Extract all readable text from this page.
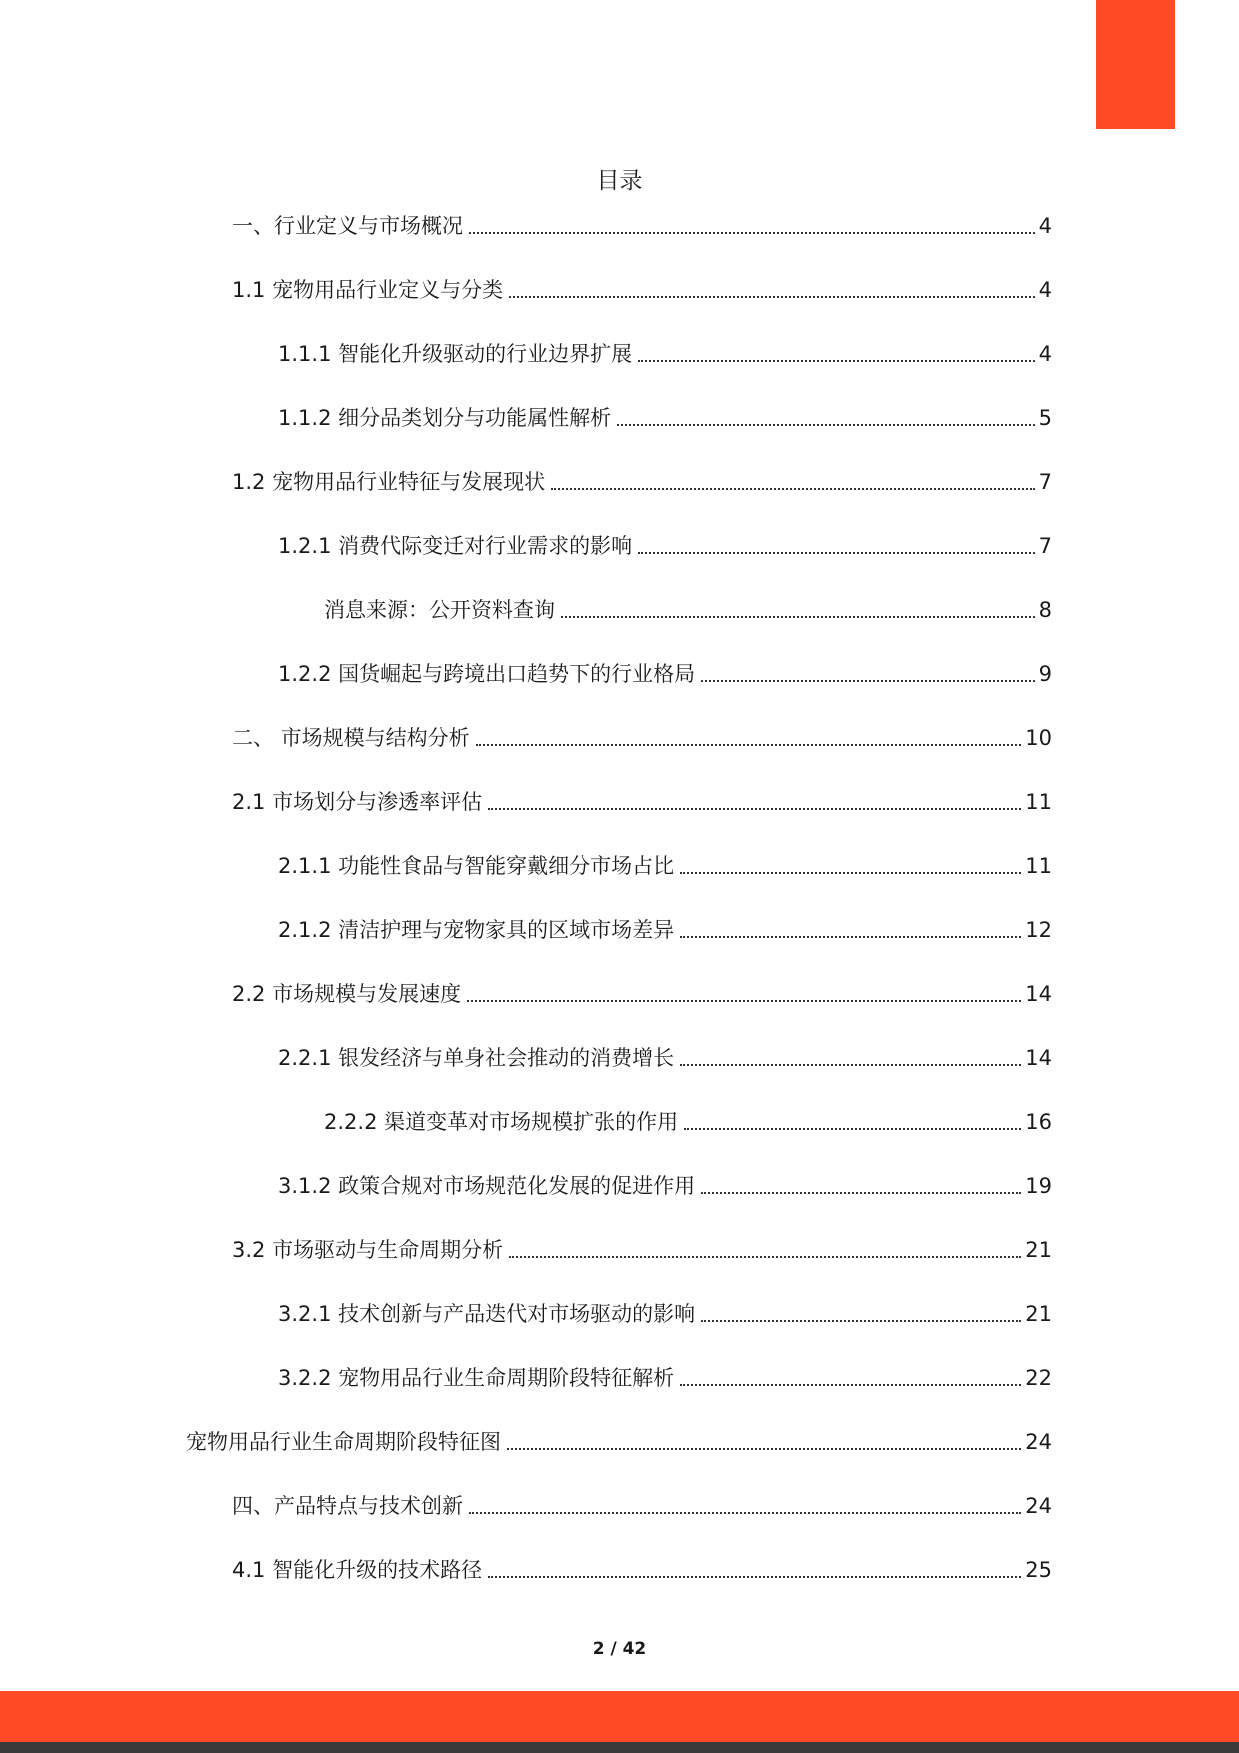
目录
一、行业定义与市场概况	4
1.1 宠物用品行业定义与分类	4
1.1.1 智能化升级驱动的行业边界扩展	4
1.1.2 细分品类划分与功能属性解析	5
1.2 宠物用品行业特征与发展现状	7
1.2.1 消费代际变迁对行业需求的影响	7
消息来源：公开资料查询	8
1.2.2 国货崛起与跨境出口趋势下的行业格局	9
二、 市场规模与结构分析	10
2.1 市场划分与渗透率评估	11
2.1.1 功能性食品与智能穿戴细分市场占比	11
2.1.2 清洁护理与宠物家具的区域市场差异	12
2.2 市场规模与发展速度	14
2.2.1 银发经济与单身社会推动的消费增长	14
2.2.2 渠道变革对市场规模扩张的作用	16
3.1.2 政策合规对市场规范化发展的促进作用	19
3.2 市场驱动与生命周期分析	21
3.2.1 技术创新与产品迭代对市场驱动的影响	21
3.2.2 宠物用品行业生命周期阶段特征解析	22
宠物用品行业生命周期阶段特征图	24
四、产品特点与技术创新	24
4.1 智能化升级的技术路径	25
2 / 42
